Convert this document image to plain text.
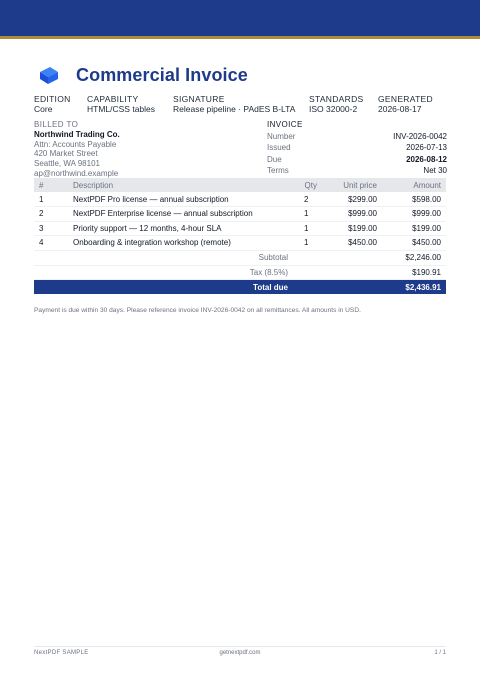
Commercial Invoice
EDITION
Core
CAPABILITY
HTML/CSS tables
SIGNATURE
Release pipeline · PAdES B-LTA
STANDARDS
ISO 32000-2
GENERATED
2026-08-17
BILLED TO
Northwind Trading Co.
Attn: Accounts Payable
420 Market Street
Seattle, WA 98101
ap@northwind.example
INVOICE
Number	INV-2026-0042
Issued	2026-07-13
Due	2026-08-12
Terms	Net 30
#	Description	Qty	Unit price	Amount
1	NextPDF Pro license — annual subscription	2	$299.00	$598.00
2	NextPDF Enterprise license — annual subscription	1	$999.00	$999.00
3	Priority support — 12 months, 4-hour SLA	1	$199.00	$199.00
4	Onboarding & integration workshop (remote)	1	$450.00	$450.00
Subtotal	$2,246.00
Tax (8.5%)	$190.91
Total due	$2,436.91
Payment is due within 30 days. Please reference invoice INV-2026-0042 on all remittances. All amounts in USD.
NextPDF SAMPLE	getnextpdf.com	1 / 1
